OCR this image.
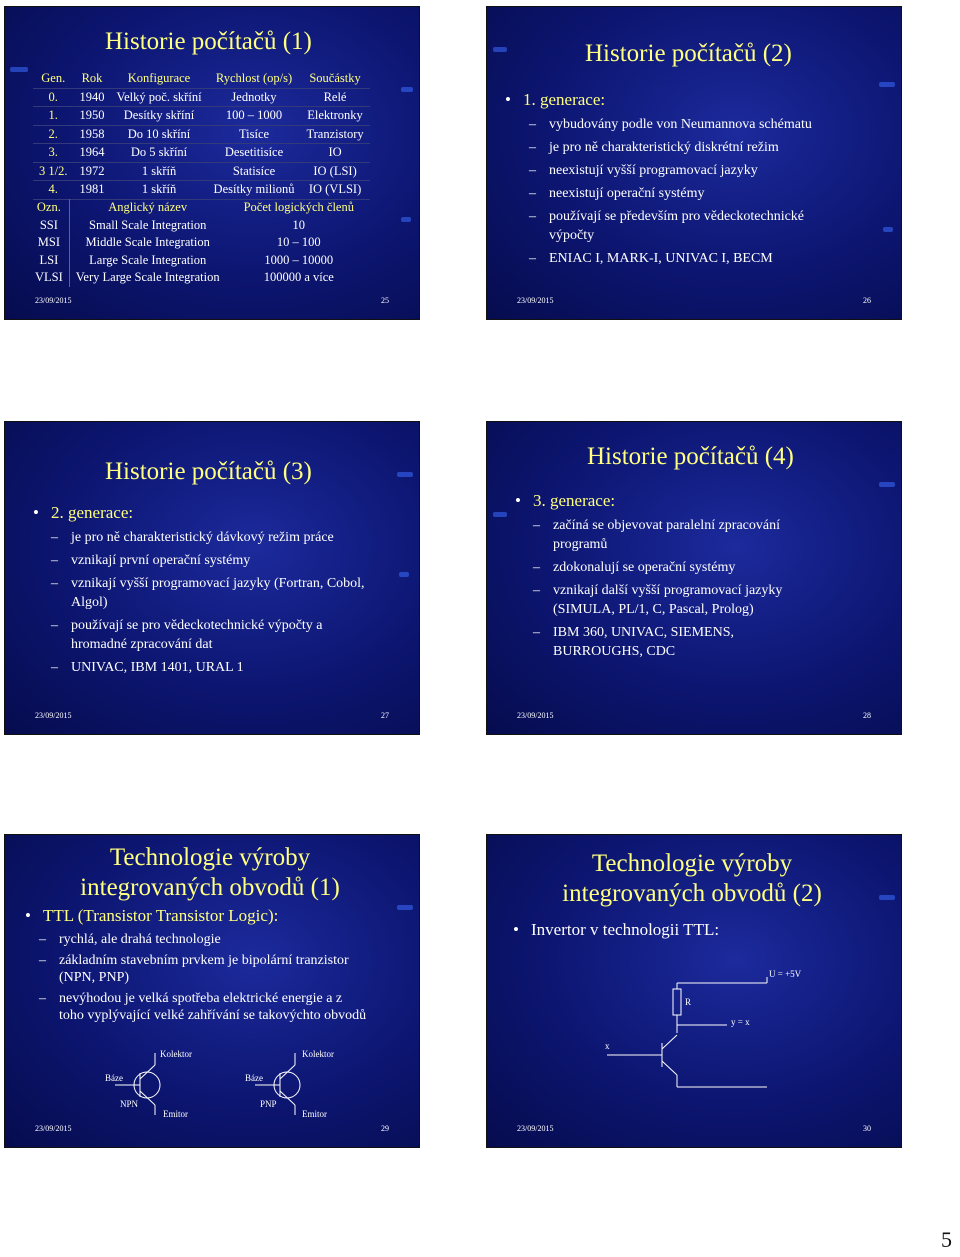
Historie počítačů (1)
Gen.	Rok	Konfigurace	Rychlost (op/s)	Součástky
0.	1940	Velký poč. skříní	Jednotky	Relé
1.	1950	Desítky skříní	100 – 1000	Elektronky
2.	1958	Do 10 skříní	Tisíce	Tranzistory
3.	1964	Do 5 skříní	Desetitisíce	IO
3 1/2.	1972	1 skříň	Statisíce	IO (LSI)
4.	1981	1 skříň	Desítky milionů	IO (VLSI)
Ozn.	Anglický název	Počet logických členů
SSI	Small Scale Integration	10
MSI	Middle Scale Integration	10 – 100
LSI	Large Scale Integration	1000 – 10000
VLSI	Very Large Scale Integration	100000 a více
23/09/2015	25
Historie počítačů (2)
• 1. generace:
– vybudovány podle von Neumannova schématu
– je pro ně charakteristický diskrétní režim
– neexistují vyšší programovací jazyky
– neexistují operační systémy
– používají se především pro vědeckotechnické výpočty
– ENIAC I, MARK-I, UNIVAC I, BECM
23/09/2015	26
Historie počítačů (3)
• 2. generace:
– je pro ně charakteristický dávkový režim práce
– vznikají první operační systémy
– vznikají vyšší programovací jazyky (Fortran, Cobol, Algol)
– používají se pro vědeckotechnické výpočty a hromadné zpracování dat
– UNIVAC, IBM 1401, URAL 1
23/09/2015	27
Historie počítačů (4)
• 3. generace:
– začíná se objevovat paralelní zpracování programů
– zdokonalují se operační systémy
– vznikají další vyšší programovací jazyky (SIMULA, PL/1, C, Pascal, Prolog)
– IBM 360, UNIVAC, SIEMENS, BURROUGHS, CDC
23/09/2015	28
Technologie výroby
integrovaných obvodů (1)
• TTL (Transistor Transistor Logic):
– rychlá, ale drahá technologie
– základním stavebním prvkem je bipolární tranzistor (NPN, PNP)
– nevýhodou je velká spotřeba elektrické energie a z toho vyplývající velké zahřívání se takovýchto obvodů
Kolektor
Báze
NPN
Emitor
Kolektor
Báze
PNP
Emitor
23/09/2015	29
Technologie výroby
integrovaných obvodů (2)
• Invertor v technologii TTL:
U = +5V
R
y = x
x
23/09/2015	30
5
